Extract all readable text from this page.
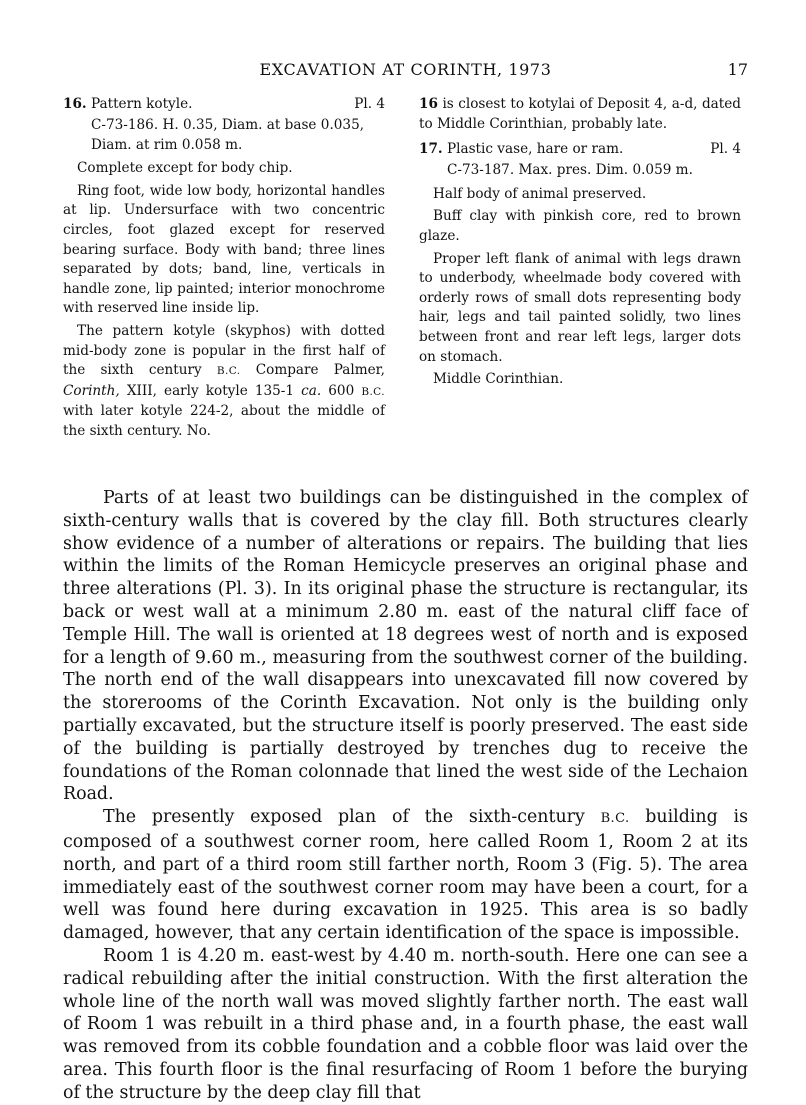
EXCAVATION AT CORINTH, 1973	17
16. Pattern kotyle.	Pl. 4
C-73-186. H. 0.35, Diam. at base 0.035, Diam. at rim 0.058 m.

Complete except for body chip.

Ring foot, wide low body, horizontal handles at lip. Undersurface with two concentric circles, foot glazed except for reserved bearing surface. Body with band; three lines separated by dots; band, line, verticals in handle zone, lip painted; interior monochrome with reserved line inside lip.

The pattern kotyle (skyphos) with dotted mid-body zone is popular in the first half of the sixth century B.C. Compare Palmer, Corinth, XIII, early kotyle 135-1 ca. 600 B.C. with later kotyle 224-2, about the middle of the sixth century. No.

16 is closest to kotylai of Deposit 4, a-d, dated to Middle Corinthian, probably late.

17. Plastic vase, hare or ram.	Pl. 4
C-73-187. Max. pres. Dim. 0.059 m.

Half body of animal preserved.

Buff clay with pinkish core, red to brown glaze.

Proper left flank of animal with legs drawn to underbody, wheelmade body covered with orderly rows of small dots representing body hair, legs and tail painted solidly, two lines between front and rear left legs, larger dots on stomach.

Middle Corinthian.

Parts of at least two buildings can be distinguished in the complex of sixth-century walls that is covered by the clay fill. Both structures clearly show evidence of a number of alterations or repairs. The building that lies within the limits of the Roman Hemicycle preserves an original phase and three alterations (Pl. 3). In its original phase the structure is rectangular, its back or west wall at a minimum 2.80 m. east of the natural cliff face of Temple Hill. The wall is oriented at 18 degrees west of north and is exposed for a length of 9.60 m., measuring from the southwest corner of the building. The north end of the wall disappears into unexcavated fill now covered by the storerooms of the Corinth Excavation. Not only is the building only partially excavated, but the structure itself is poorly preserved. The east side of the building is partially destroyed by trenches dug to receive the foundations of the Roman colonnade that lined the west side of the Lechaion Road.

The presently exposed plan of the sixth-century B.C. building is composed of a southwest corner room, here called Room 1, Room 2 at its north, and part of a third room still farther north, Room 3 (Fig. 5). The area immediately east of the southwest corner room may have been a court, for a well was found here during excavation in 1925. This area is so badly damaged, however, that any certain identification of the space is impossible.

Room 1 is 4.20 m. east-west by 4.40 m. north-south. Here one can see a radical rebuilding after the initial construction. With the first alteration the whole line of the north wall was moved slightly farther north. The east wall of Room 1 was rebuilt in a third phase and, in a fourth phase, the east wall was removed from its cobble foundation and a cobble floor was laid over the area. This fourth floor is the final resurfacing of Room 1 before the burying of the structure by the deep clay fill that
